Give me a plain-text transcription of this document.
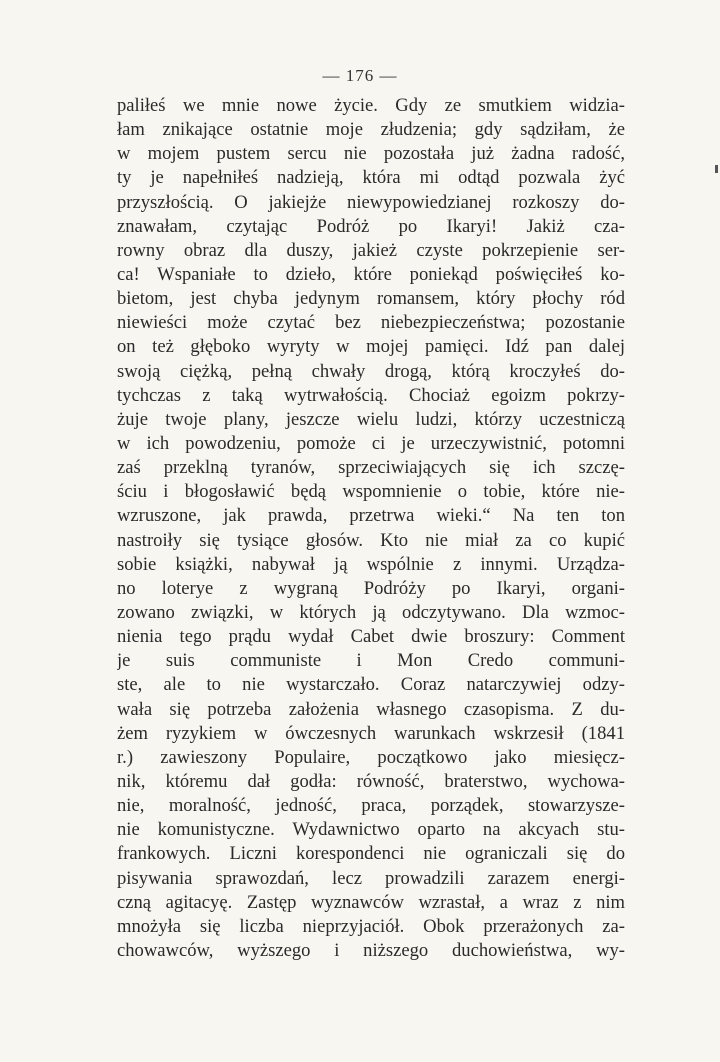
— 176 —
paliłeś we mnie nowe życie. Gdy ze smutkiem widzia-
łam znikające ostatnie moje złudzenia; gdy sądziłam, że
w mojem pustem sercu nie pozostała już żadna radość,
ty je napełniłeś nadzieją, która mi odtąd pozwala żyć
przyszłością. O jakiejże niewypowiedzianej rozkoszy do-
znawałam, czytając Podróż po Ikaryi! Jakiż cza-
rowny obraz dla duszy, jakież czyste pokrzepienie ser-
ca! Wspaniałe to dzieło, które poniekąd poświęciłeś ko-
bietom, jest chyba jedynym romansem, który płochy ród
niewieści może czytać bez niebezpieczeństwa; pozostanie
on też głęboko wyryty w mojej pamięci. Idź pan dalej
swoją ciężką, pełną chwały drogą, którą kroczyłeś do-
tychczas z taką wytrwałością. Chociaż egoizm pokrzy-
żuje twoje plany, jeszcze wielu ludzi, którzy uczestniczą
w ich powodzeniu, pomoże ci je urzeczywistnić, potomni
zaś przeklną tyranów, sprzeciwiających się ich szczę-
ściu i błogosławić będą wspomnienie o tobie, które nie-
wzruszone, jak prawda, przetrwa wieki.“ Na ten ton
nastroiły się tysiące głosów. Kto nie miał za co kupić
sobie książki, nabywał ją wspólnie z innymi. Urządza-
no loterye z wygraną Podróży po Ikaryi, organi-
zowano związki, w których ją odczytywano. Dla wzmoc-
nienia tego prądu wydał Cabet dwie broszury: Comment
je suis communiste i Mon Credo communi-
ste, ale to nie wystarczało. Coraz natarczywiej odzy-
wała się potrzeba założenia własnego czasopisma. Z du-
żem ryzykiem w ówczesnych warunkach wskrzesił (1841
r.) zawieszony Populaire, początkowo jako miesięcz-
nik, któremu dał godła: równość, braterstwo, wychowa-
nie, moralność, jedność, praca, porządek, stowarzysze-
nie komunistyczne. Wydawnictwo oparto na akcyach stu-
frankowych. Liczni korespondenci nie ograniczali się do
pisywania sprawozdań, lecz prowadzili zarazem energi-
czną agitacyę. Zastęp wyznawców wzrastał, a wraz z nim
mnożyła się liczba nieprzyjaciół. Obok przerażonych za-
chowawców, wyższego i niższego duchowieństwa, wy-
